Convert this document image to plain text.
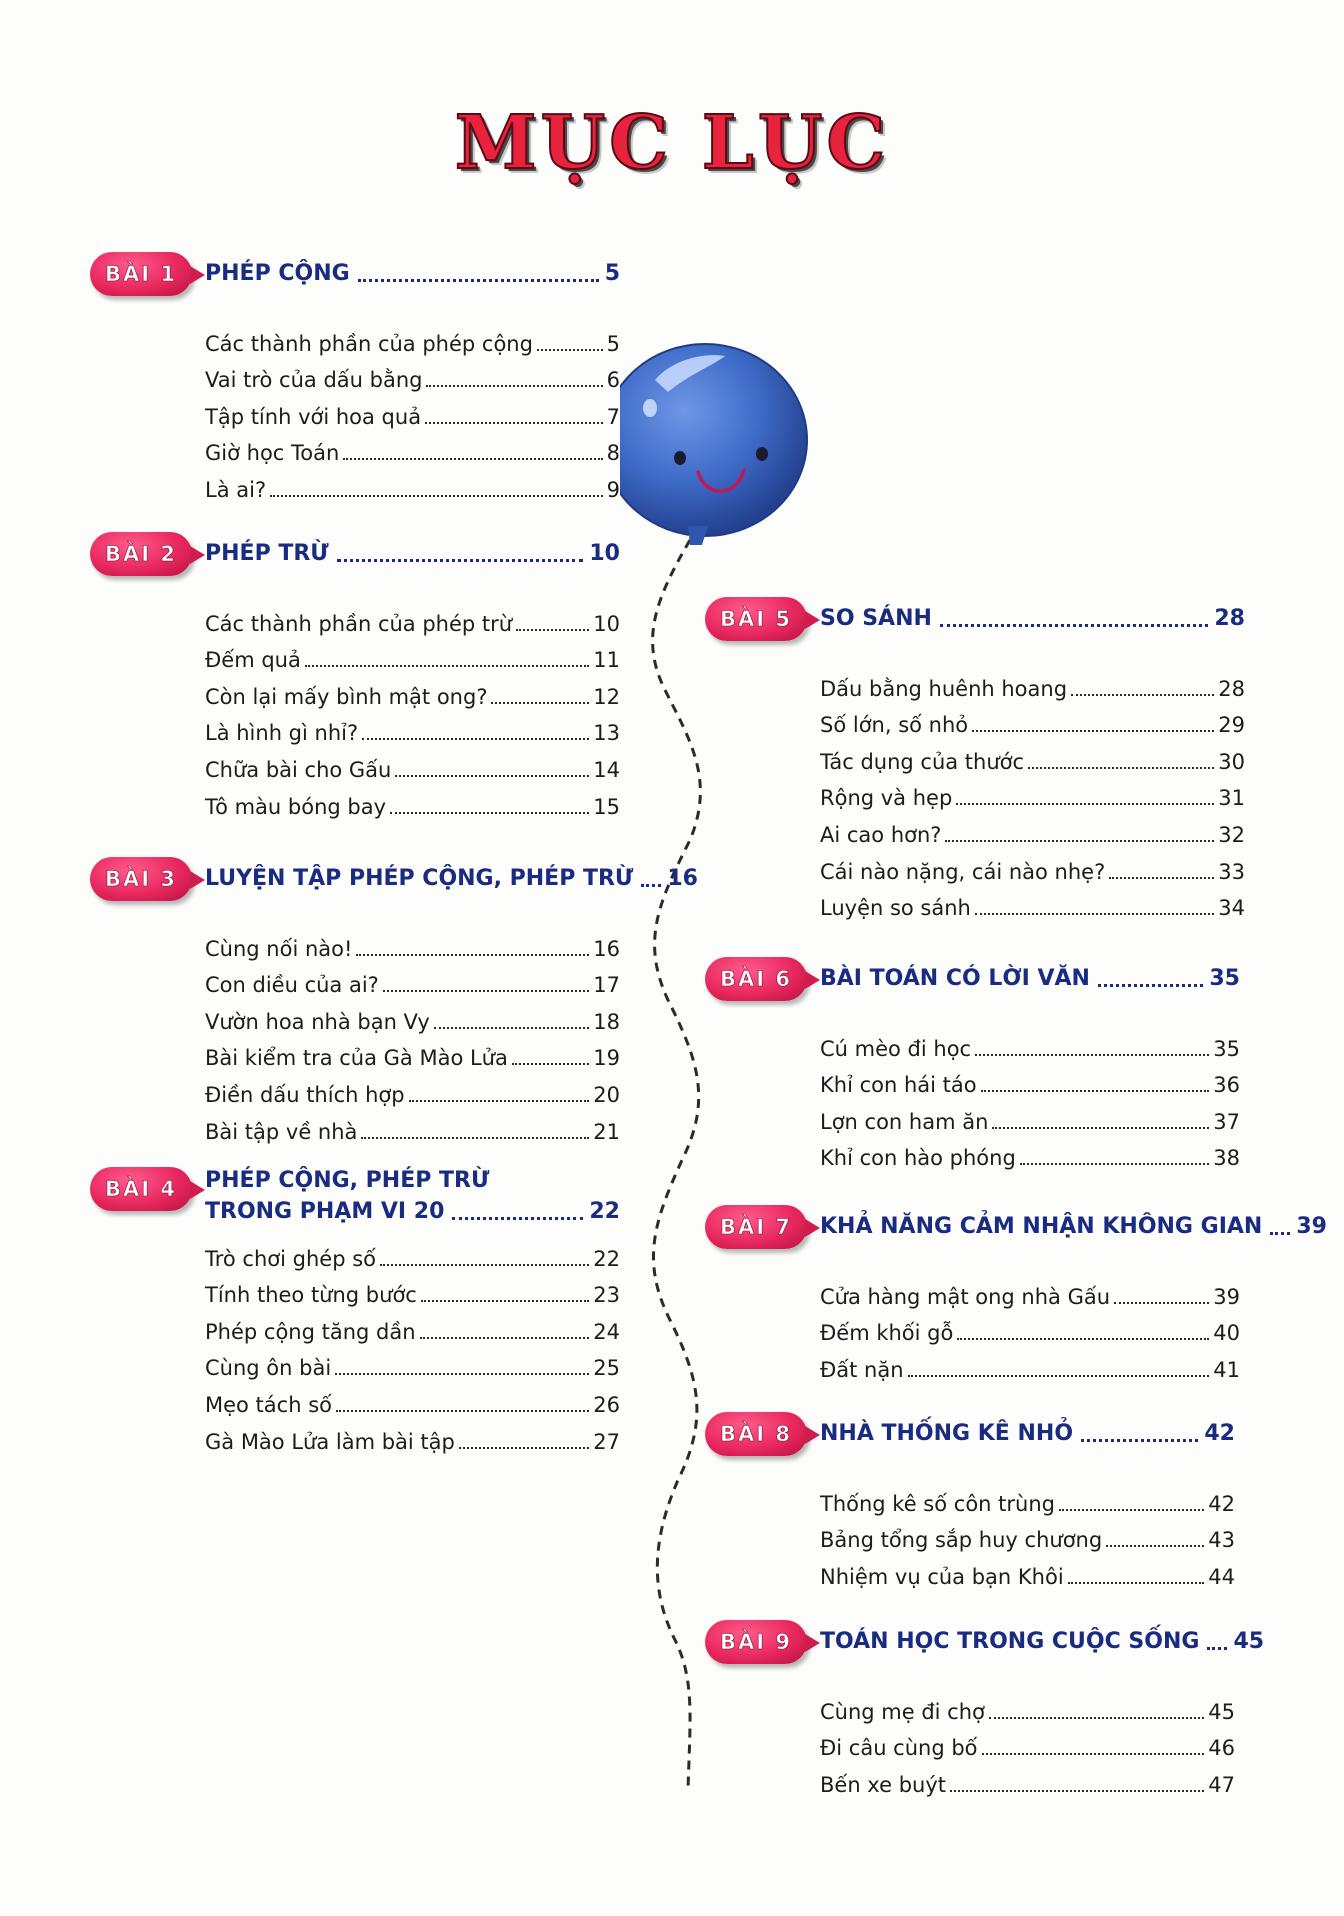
MỤC LỤC
BÀI 1	PHÉP CỘNG	5
Các thành phần của phép cộng	5
Vai trò của dấu bằng	6
Tập tính với hoa quả	7
Giờ học Toán	8
Là ai?	9
BÀI 2	PHÉP TRỪ	10
Các thành phần của phép trừ	10
Đếm quả	11
Còn lại mấy bình mật ong?	12
Là hình gì nhỉ?	13
Chữa bài cho Gấu	14
Tô màu bóng bay	15
BÀI 3	LUYỆN TẬP PHÉP CỘNG, PHÉP TRỪ 16
Cùng nối nào!	16
Con diều của ai?	17
Vườn hoa nhà bạn Vy	18
Bài kiểm tra của Gà Mào Lửa	19
Điền dấu thích hợp	20
Bài tập về nhà	21
BÀI 4	PHÉP CỘNG, PHÉP TRỪ
TRONG PHẠM VI 20	22
Trò chơi ghép số	22
Tính theo từng bước	23
Phép cộng tăng dần	24
Cùng ôn bài	25
Mẹo tách số	26
Gà Mào Lửa làm bài tập	27
BÀI 5	SO SÁNH	28
Dấu bằng huênh hoang	28
Số lớn, số nhỏ	29
Tác dụng của thước	30
Rộng và hẹp	31
Ai cao hơn?	32
Cái nào nặng, cái nào nhẹ?	33
Luyện so sánh	34
BÀI 6	BÀI TOÁN CÓ LỜI VĂN	35
Cú mèo đi học	35
Khỉ con hái táo	36
Lợn con ham ăn	37
Khỉ con hào phóng	38
BÀI 7	KHẢ NĂNG CẢM NHẬN KHÔNG GIAN 39
Cửa hàng mật ong nhà Gấu	39
Đếm khối gỗ	40
Đất nặn	41
BÀI 8	NHÀ THỐNG KÊ NHỎ	42
Thống kê số côn trùng	42
Bảng tổng sắp huy chương	43
Nhiệm vụ của bạn Khôi	44
BÀI 9	TOÁN HỌC TRONG CUỘC SỐNG 45
Cùng mẹ đi chợ	45
Đi câu cùng bố	46
Bến xe buýt	47
